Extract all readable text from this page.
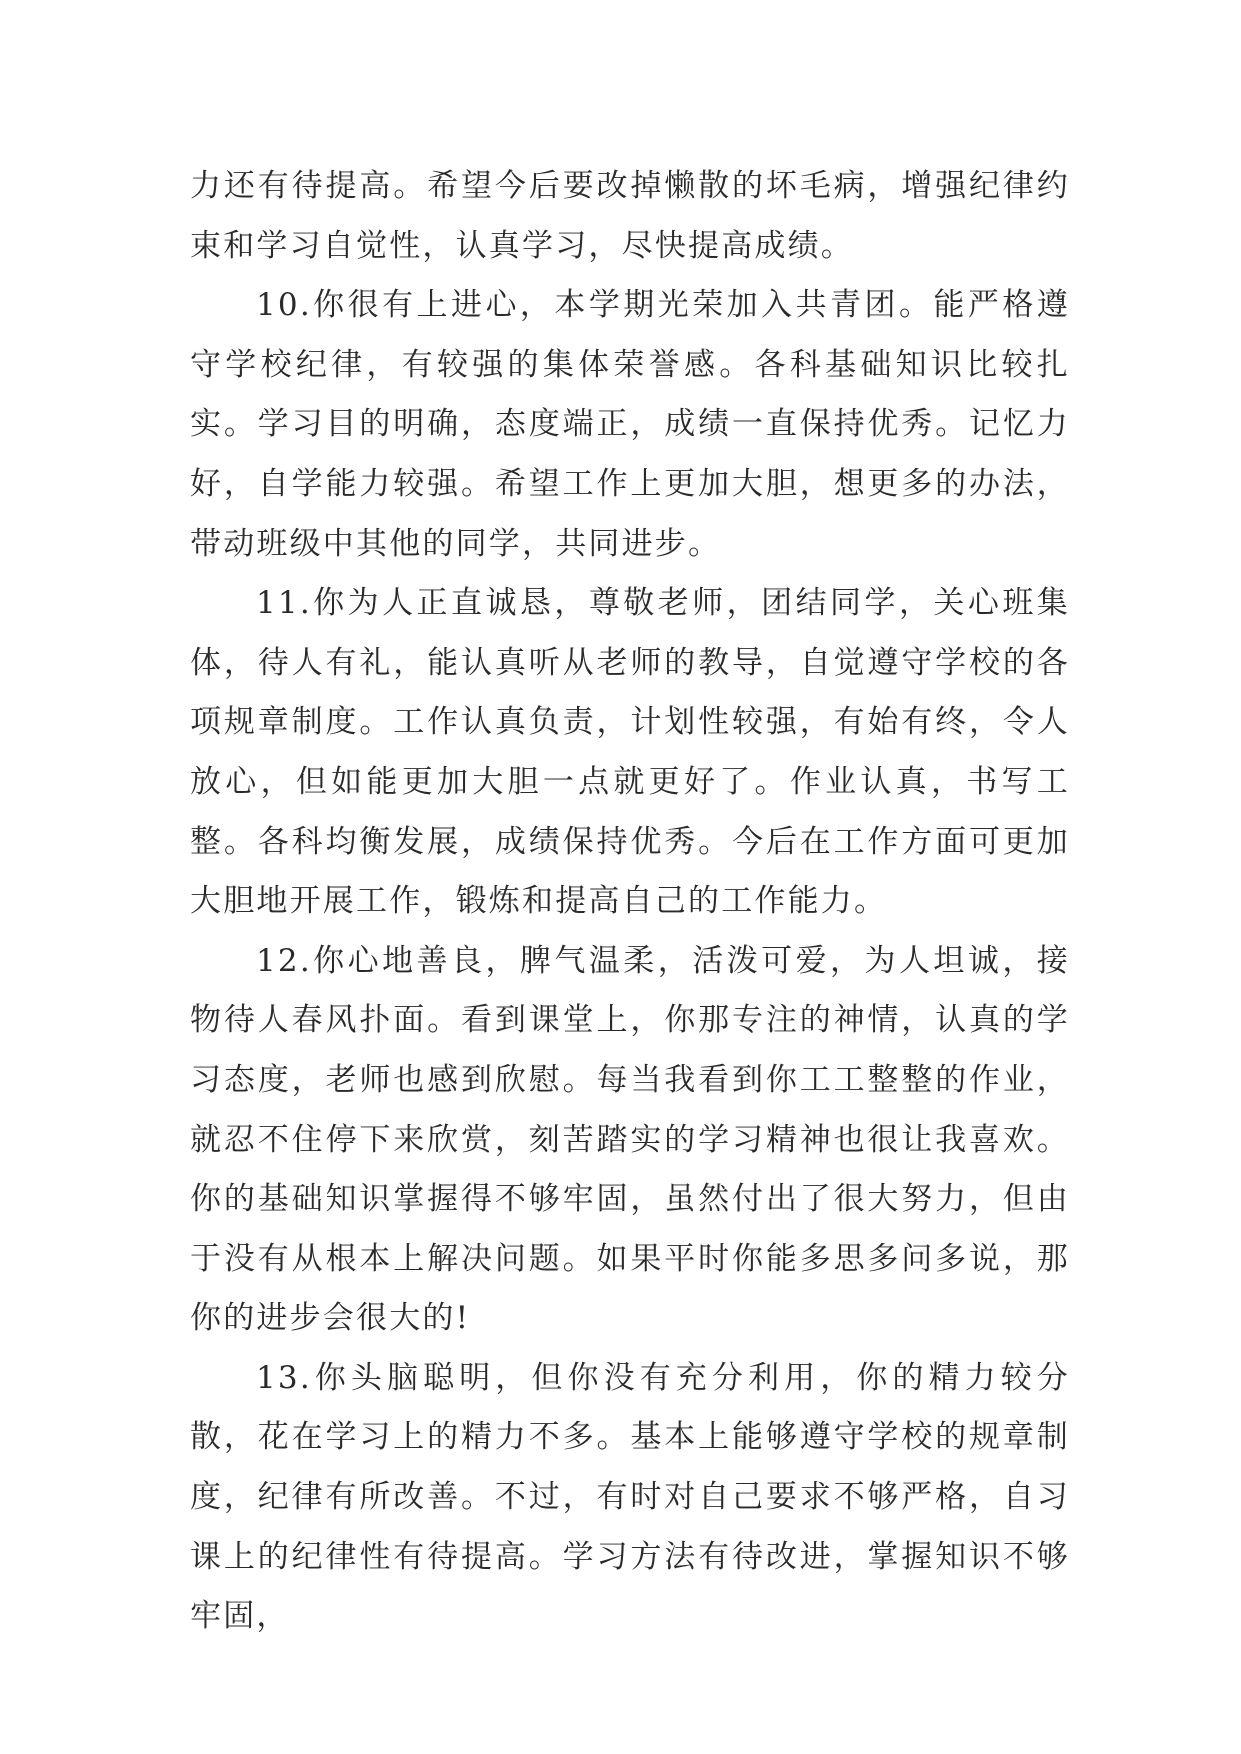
力还有待提高。希望今后要改掉懒散的坏毛病，增强纪律约束和学习自觉性，认真学习，尽快提高成绩。

10.你很有上进心，本学期光荣加入共青团。能严格遵守学校纪律，有较强的集体荣誉感。各科基础知识比较扎实。学习目的明确，态度端正，成绩一直保持优秀。记忆力好，自学能力较强。希望工作上更加大胆，想更多的办法，带动班级中其他的同学，共同进步。

11.你为人正直诚恳，尊敬老师，团结同学，关心班集体，待人有礼，能认真听从老师的教导，自觉遵守学校的各项规章制度。工作认真负责，计划性较强，有始有终，令人放心，但如能更加大胆一点就更好了。作业认真，书写工整。各科均衡发展，成绩保持优秀。今后在工作方面可更加大胆地开展工作，锻炼和提高自己的工作能力。

12.你心地善良，脾气温柔，活泼可爱，为人坦诚，接物待人春风扑面。看到课堂上，你那专注的神情，认真的学习态度，老师也感到欣慰。每当我看到你工工整整的作业，就忍不住停下来欣赏，刻苦踏实的学习精神也很让我喜欢。你的基础知识掌握得不够牢固，虽然付出了很大努力，但由于没有从根本上解决问题。如果平时你能多思多问多说，那你的进步会很大的!

13.你头脑聪明，但你没有充分利用，你的精力较分散，花在学习上的精力不多。基本上能够遵守学校的规章制度，纪律有所改善。不过，有时对自己要求不够严格，自习课上的纪律性有待提高。学习方法有待改进，掌握知识不够牢固，
